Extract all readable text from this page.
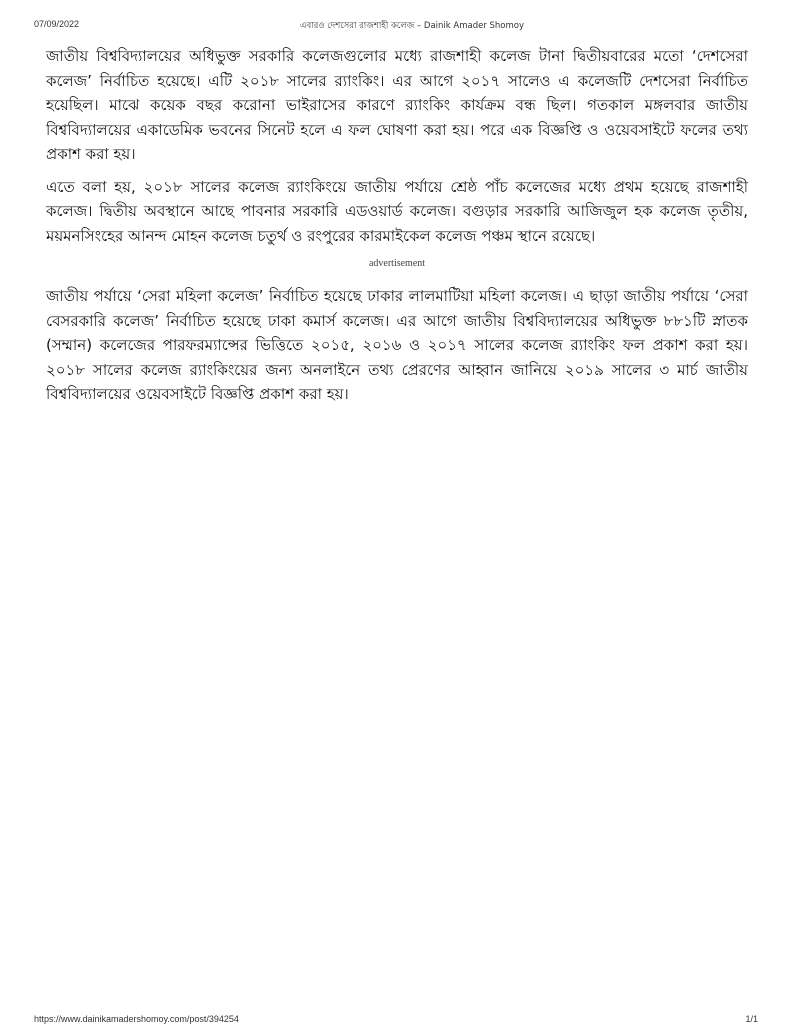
07/09/2022	এবারও দেশসেরা রাজশাহী কলেজ – Dainik Amader Shomoy

জাতীয় বিশ্ববিদ্যালয়ের অধিভুক্ত সরকারি কলেজগুলোর মধ্যে রাজশাহী কলেজ টানা দ্বিতীয়বারের মতো ‘দেশসেরা কলেজ’ নির্বাচিত হয়েছে। এটি ২০১৮ সালের র‍্যাংকিং। এর আগে ২০১৭ সালেও এ কলেজটি দেশসেরা নির্বাচিত হয়েছিল। মাঝে কয়েক বছর করোনা ভাইরাসের কারণে র‍্যাংকিং কার্যক্রম বন্ধ ছিল। গতকাল মঙ্গলবার জাতীয় বিশ্ববিদ্যালয়ের একাডেমিক ভবনের সিনেট হলে এ ফল ঘোষণা করা হয়। পরে এক বিজ্ঞপ্তি ও ওয়েবসাইটে ফলের তথ্য প্রকাশ করা হয়।

এতে বলা হয়, ২০১৮ সালের কলেজ র‍্যাংকিংয়ে জাতীয় পর্যায়ে শ্রেষ্ঠ পাঁচ কলেজের মধ্যে প্রথম হয়েছে রাজশাহী কলেজ। দ্বিতীয় অবস্থানে আছে পাবনার সরকারি এডওয়ার্ড কলেজ। বগুড়ার সরকারি আজিজুল হক কলেজ তৃতীয়, ময়মনসিংহের আনন্দ মোহন কলেজ চতুর্থ ও রংপুরের কারমাইকেল কলেজ পঞ্চম স্থানে রয়েছে।

advertisement

জাতীয় পর্যায়ে ‘সেরা মহিলা কলেজ’ নির্বাচিত হয়েছে ঢাকার লালমাটিয়া মহিলা কলেজ। এ ছাড়া জাতীয় পর্যায়ে ‘সেরা বেসরকারি কলেজ’ নির্বাচিত হয়েছে ঢাকা কমার্স কলেজ। এর আগে জাতীয় বিশ্ববিদ্যালয়ের অধিভুক্ত ৮৮১টি স্নাতক (সম্মান) কলেজের পারফরম্যান্সের ভিত্তিতে ২০১৫, ২০১৬ ও ২০১৭ সালের কলেজ র‍্যাংকিং ফল প্রকাশ করা হয়। ২০১৮ সালের কলেজ র‍্যাংকিংয়ের জন্য অনলাইনে তথ্য প্রেরণের আহ্বান জানিয়ে ২০১৯ সালের ৩ মার্চ জাতীয় বিশ্ববিদ্যালয়ের ওয়েবসাইটে বিজ্ঞপ্তি প্রকাশ করা হয়।

https://www.dainikamadershomoy.com/post/394254	1/1
